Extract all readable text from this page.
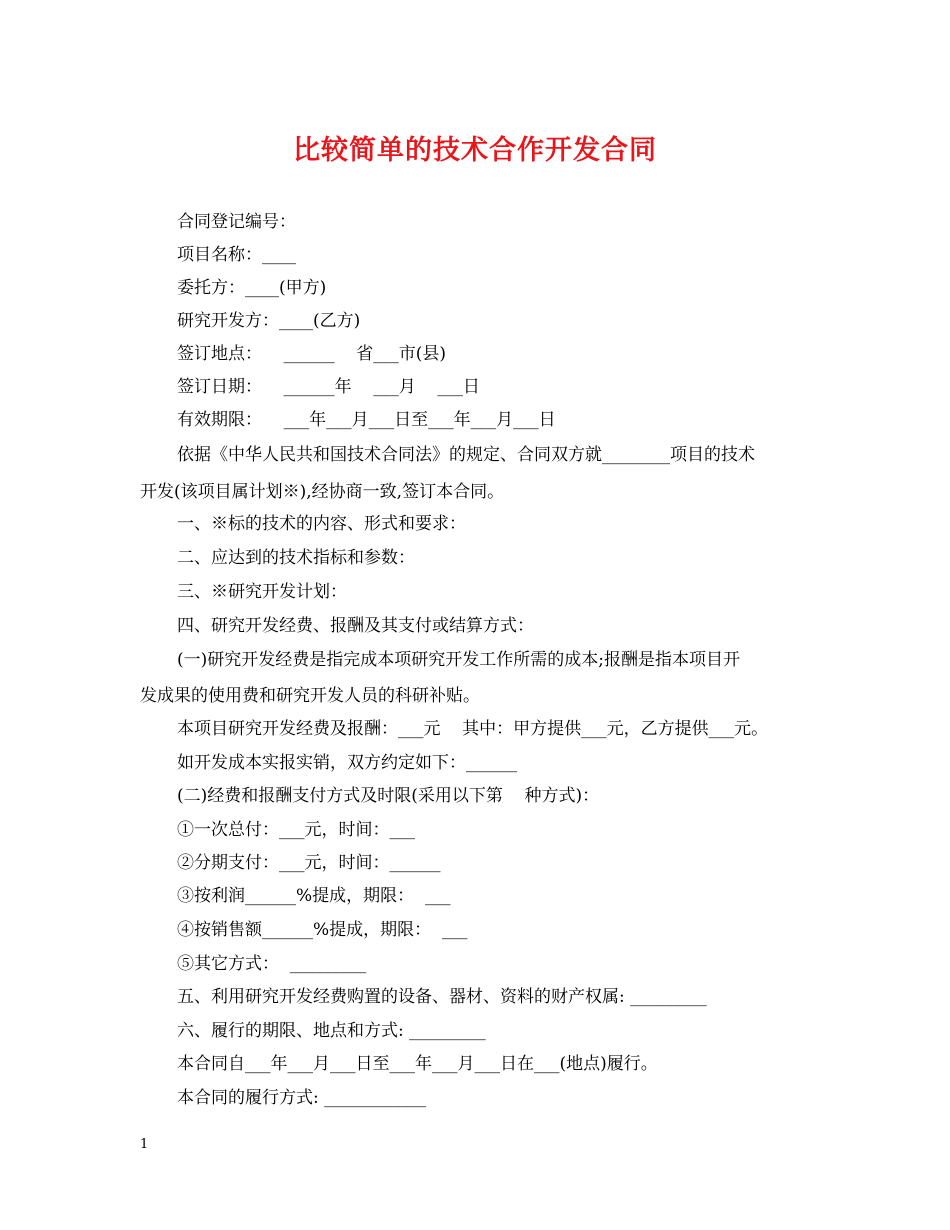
比较简单的技术合作开发合同
合同登记编号：
项目名称：____
委托方：____(甲方)
研究开发方：____(乙方)
签订地点：    ______    省___市(县)
签订日期：    ______年    ___月    ___日
有效期限：    ___年___月___日至___年___月___日
依据《中华人民共和国技术合同法》的规定、合同双方就________项目的技术
开发(该项目属计划※),经协商一致,签订本合同。
一、※标的技术的内容、形式和要求：
二、应达到的技术指标和参数：
三、※研究开发计划：
四、研究开发经费、报酬及其支付或结算方式：
(一)研究开发经费是指完成本项研究开发工作所需的成本;报酬是指本项目开
发成果的使用费和研究开发人员的科研补贴。
本项目研究开发经费及报酬：___元    其中：甲方提供___元，乙方提供___元。
如开发成本实报实销，双方约定如下：______
(二)经费和报酬支付方式及时限(采用以下第    种方式)：
①一次总付：___元，时间：___
②分期支付：___元，时间：______
③按利润______%提成，期限：  ___
④按销售额______%提成，期限：  ___
⑤其它方式：  _________
五、利用研究开发经费购置的设备、器材、资料的财产权属: _________
六、履行的期限、地点和方式: _________
本合同自___年___月___日至___年___月___日在___(地点)履行。
本合同的履行方式: ____________
1
